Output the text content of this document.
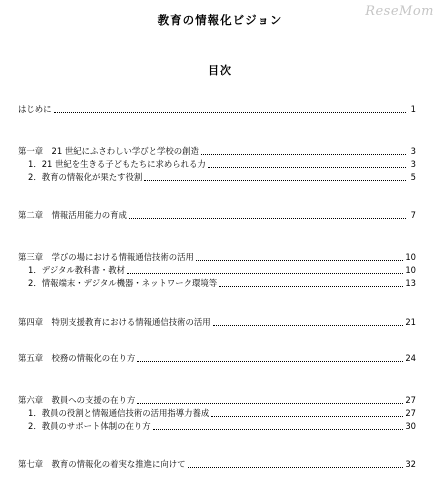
ReseMom
教育の情報化ビジョン
目次
はじめに	1
第一章　21 世紀にふさわしい学びと学校の創造	3
1．21 世紀を生きる子どもたちに求められる力	3
2．教育の情報化が果たす役割	5
第二章　情報活用能力の育成	7
第三章　学びの場における情報通信技術の活用	10
1．デジタル教科書・教材	10
2．情報端末・デジタル機器・ネットワーク環境等	13
第四章　特別支援教育における情報通信技術の活用	21
第五章　校務の情報化の在り方	24
第六章　教員への支援の在り方	27
1．教員の役割と情報通信技術の活用指導力養成	27
2．教員のサポート体制の在り方	30
第七章　教育の情報化の着実な推進に向けて	32
